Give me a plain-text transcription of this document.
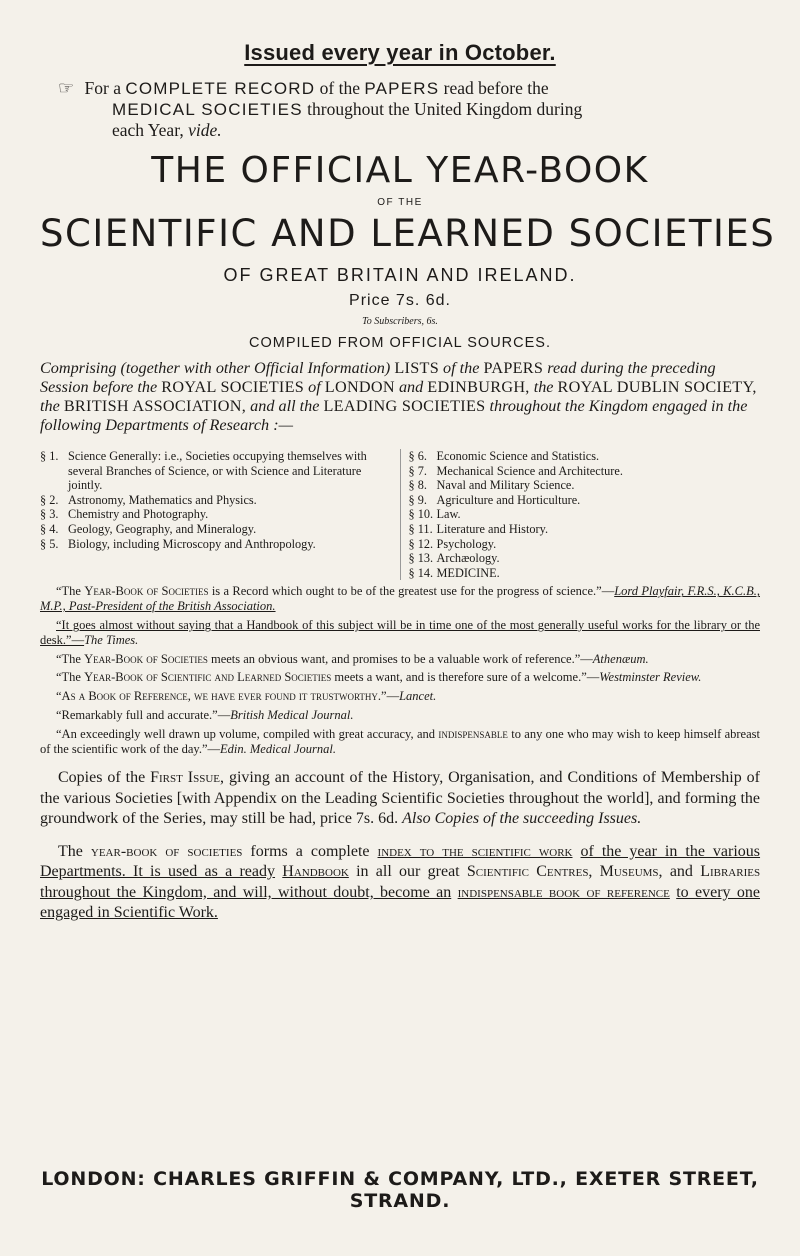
Issued every year in October.
☞ For a COMPLETE RECORD of the PAPERS read before the
MEDICAL SOCIETIES throughout the United Kingdom during
each Year, vide.
THE OFFICIAL YEAR-BOOK
OF THE
SCIENTIFIC AND LEARNED SOCIETIES
OF GREAT BRITAIN AND IRELAND.
Price 7s. 6d.
To Subscribers, 6s.
COMPILED FROM OFFICIAL SOURCES.
Comprising (together with other Official Information) LISTS of the PAPERS read during the preceding Session before the ROYAL SOCIETIES of LONDON and EDINBURGH, the ROYAL DUBLIN SOCIETY, the BRITISH ASSOCIATION, and all the LEADING SOCIETIES throughout the Kingdom engaged in the following Departments of Research :—
§ 1. Science Generally: i.e., Societies occupying themselves with several Branches of Science, or with Science and Literature jointly.
§ 2. Astronomy, Mathematics and Physics.
§ 3. Chemistry and Photography.
§ 4. Geology, Geography, and Mineralogy.
§ 5. Biology, including Microscopy and Anthropology.
§ 6. Economic Science and Statistics.
§ 7. Mechanical Science and Architecture.
§ 8. Naval and Military Science.
§ 9. Agriculture and Horticulture.
§ 10. Law.
§ 11. Literature and History.
§ 12. Psychology.
§ 13. Archæology.
§ 14. MEDICINE.
“The Year-Book of Societies is a Record which ought to be of the greatest use for the progress of science.”—Lord Playfair, F.R.S., K.C.B., M.P., Past-President of the British Association.
“It goes almost without saying that a Handbook of this subject will be in time one of the most generally useful works for the library or the desk.”—The Times.
“The Year-Book of Societies meets an obvious want, and promises to be a valuable work of reference.”—Athenæum.
“The Year-Book of Scientific and Learned Societies meets a want, and is therefore sure of a welcome.”—Westminster Review.
“As a Book of Reference, we have ever found it trustworthy.”—Lancet.
“Remarkably full and accurate.”—British Medical Journal.
“An exceedingly well drawn up volume, compiled with great accuracy, and indispensable to any one who may wish to keep himself abreast of the scientific work of the day.”—Edin. Medical Journal.
Copies of the First Issue, giving an account of the History, Organisation, and Conditions of Membership of the various Societies [with Appendix on the Leading Scientific Societies throughout the world], and forming the groundwork of the Series, may still be had, price 7s. 6d. Also Copies of the succeeding Issues.
The year-book of societies forms a complete index to the scientific work of the year in the various Departments. It is used as a ready Handbook in all our great Scientific Centres, Museums, and Libraries throughout the Kingdom, and will, without doubt, become an indispensable book of reference to every one engaged in Scientific Work.
LONDON: CHARLES GRIFFIN & COMPANY, LTD., EXETER STREET, STRAND.
